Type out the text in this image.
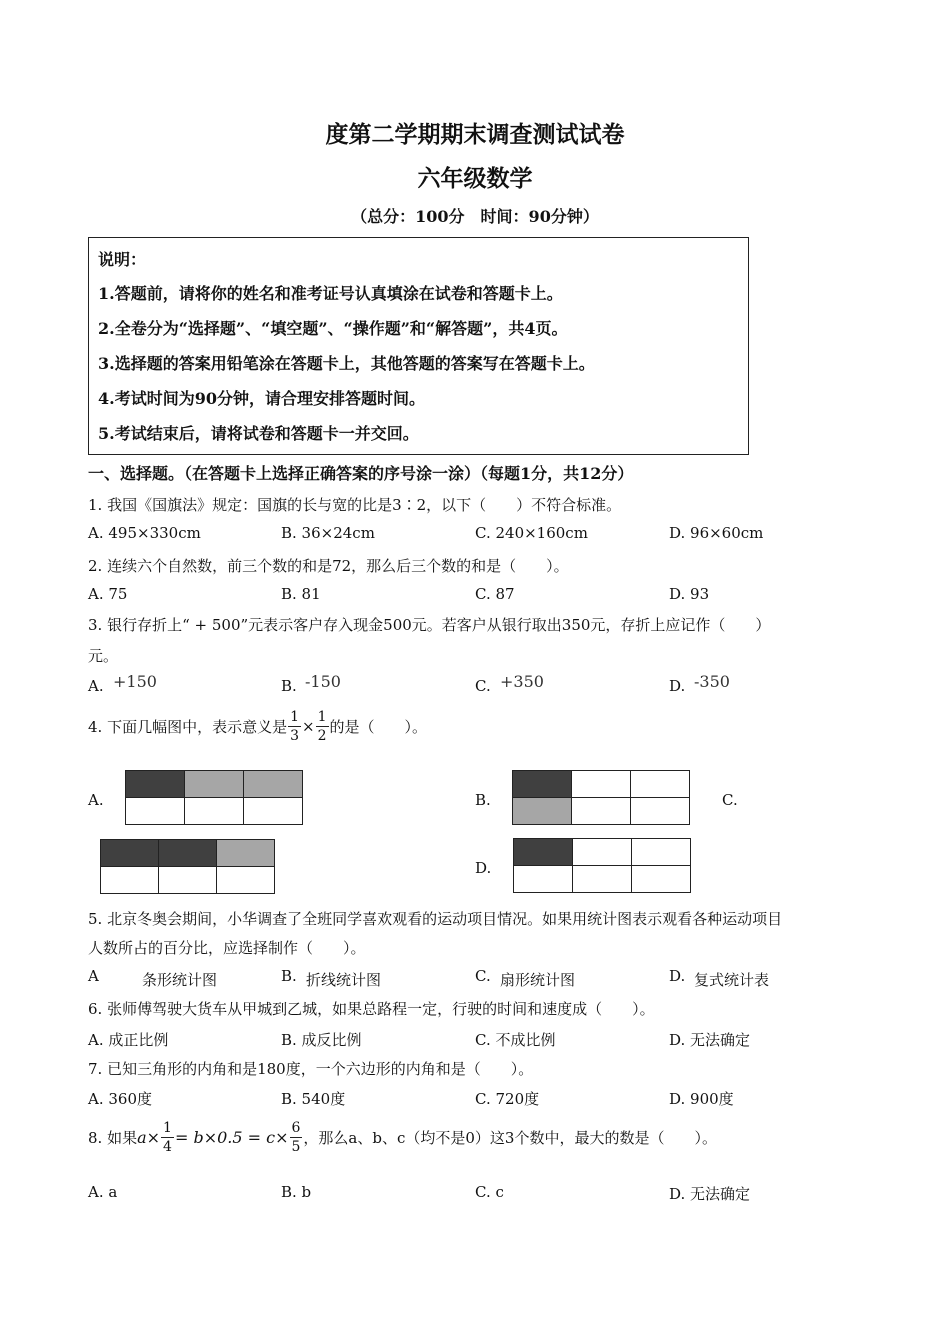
度第二学期期末调查测试试卷
六年级数学
（总分：100分　时间：90分钟）
说明：
1.答题前，请将你的姓名和准考证号认真填涂在试卷和答题卡上。
2.全卷分为“选择题”、“填空题”、“操作题”和“解答题”，共4页。
3.选择题的答案用铅笔涂在答题卡上，其他答题的答案写在答题卡上。
4.考试时间为90分钟，请合理安排答题时间。
5.考试结束后，请将试卷和答题卡一并交回。
一、选择题。（在答题卡上选择正确答案的序号涂一涂）（每题1分，共12分）
1. 我国《国旗法》规定：国旗的长与宽的比是3∶2，以下（　　）不符合标准。
A. 495×330cm	B. 36×24cm	C. 240×160cm	D. 96×60cm
2. 连续六个自然数，前三个数的和是72，那么后三个数的和是（　　）。
A. 75	B. 81	C. 87	D. 93
3. 银行存折上“ + 500”元表示客户存入现金500元。若客户从银行取出350元，存折上应记作（　　）
元。
A. +150	B. -150	C. +350	D. -350
4. 下面几幅图中，表示意义是 $\frac{1}{3} \times \frac{1}{2}$ 的是（　　）。
A.

			B.

			C.

D.

5. 北京冬奥会期间，小华调查了全班同学喜欢观看的运动项目情况。如果用统计图表示观看各种运动项目
人数所占的百分比，应选择制作（　　）。
A	条形统计图	B. 折线统计图	C. 扇形统计图	D. 复式统计表
6. 张师傅驾驶大货车从甲城到乙城，如果总路程一定，行驶的时间和速度成（　　）。
A. 成正比例	B. 成反比例	C. 不成比例	D. 无法确定
7. 已知三角形的内角和是180度，一个六边形的内角和是（　　）。
A. 360度	B. 540度	C. 720度	D. 900度
8. 如果$a\times \frac{1}{4} = b\times 0.5 = c\times \frac{6}{5}$ ，那么a、b、c（均不是0）这3个数中，最大的数是（　　）。
A. a	B. b	C. c	D. 无法确定
